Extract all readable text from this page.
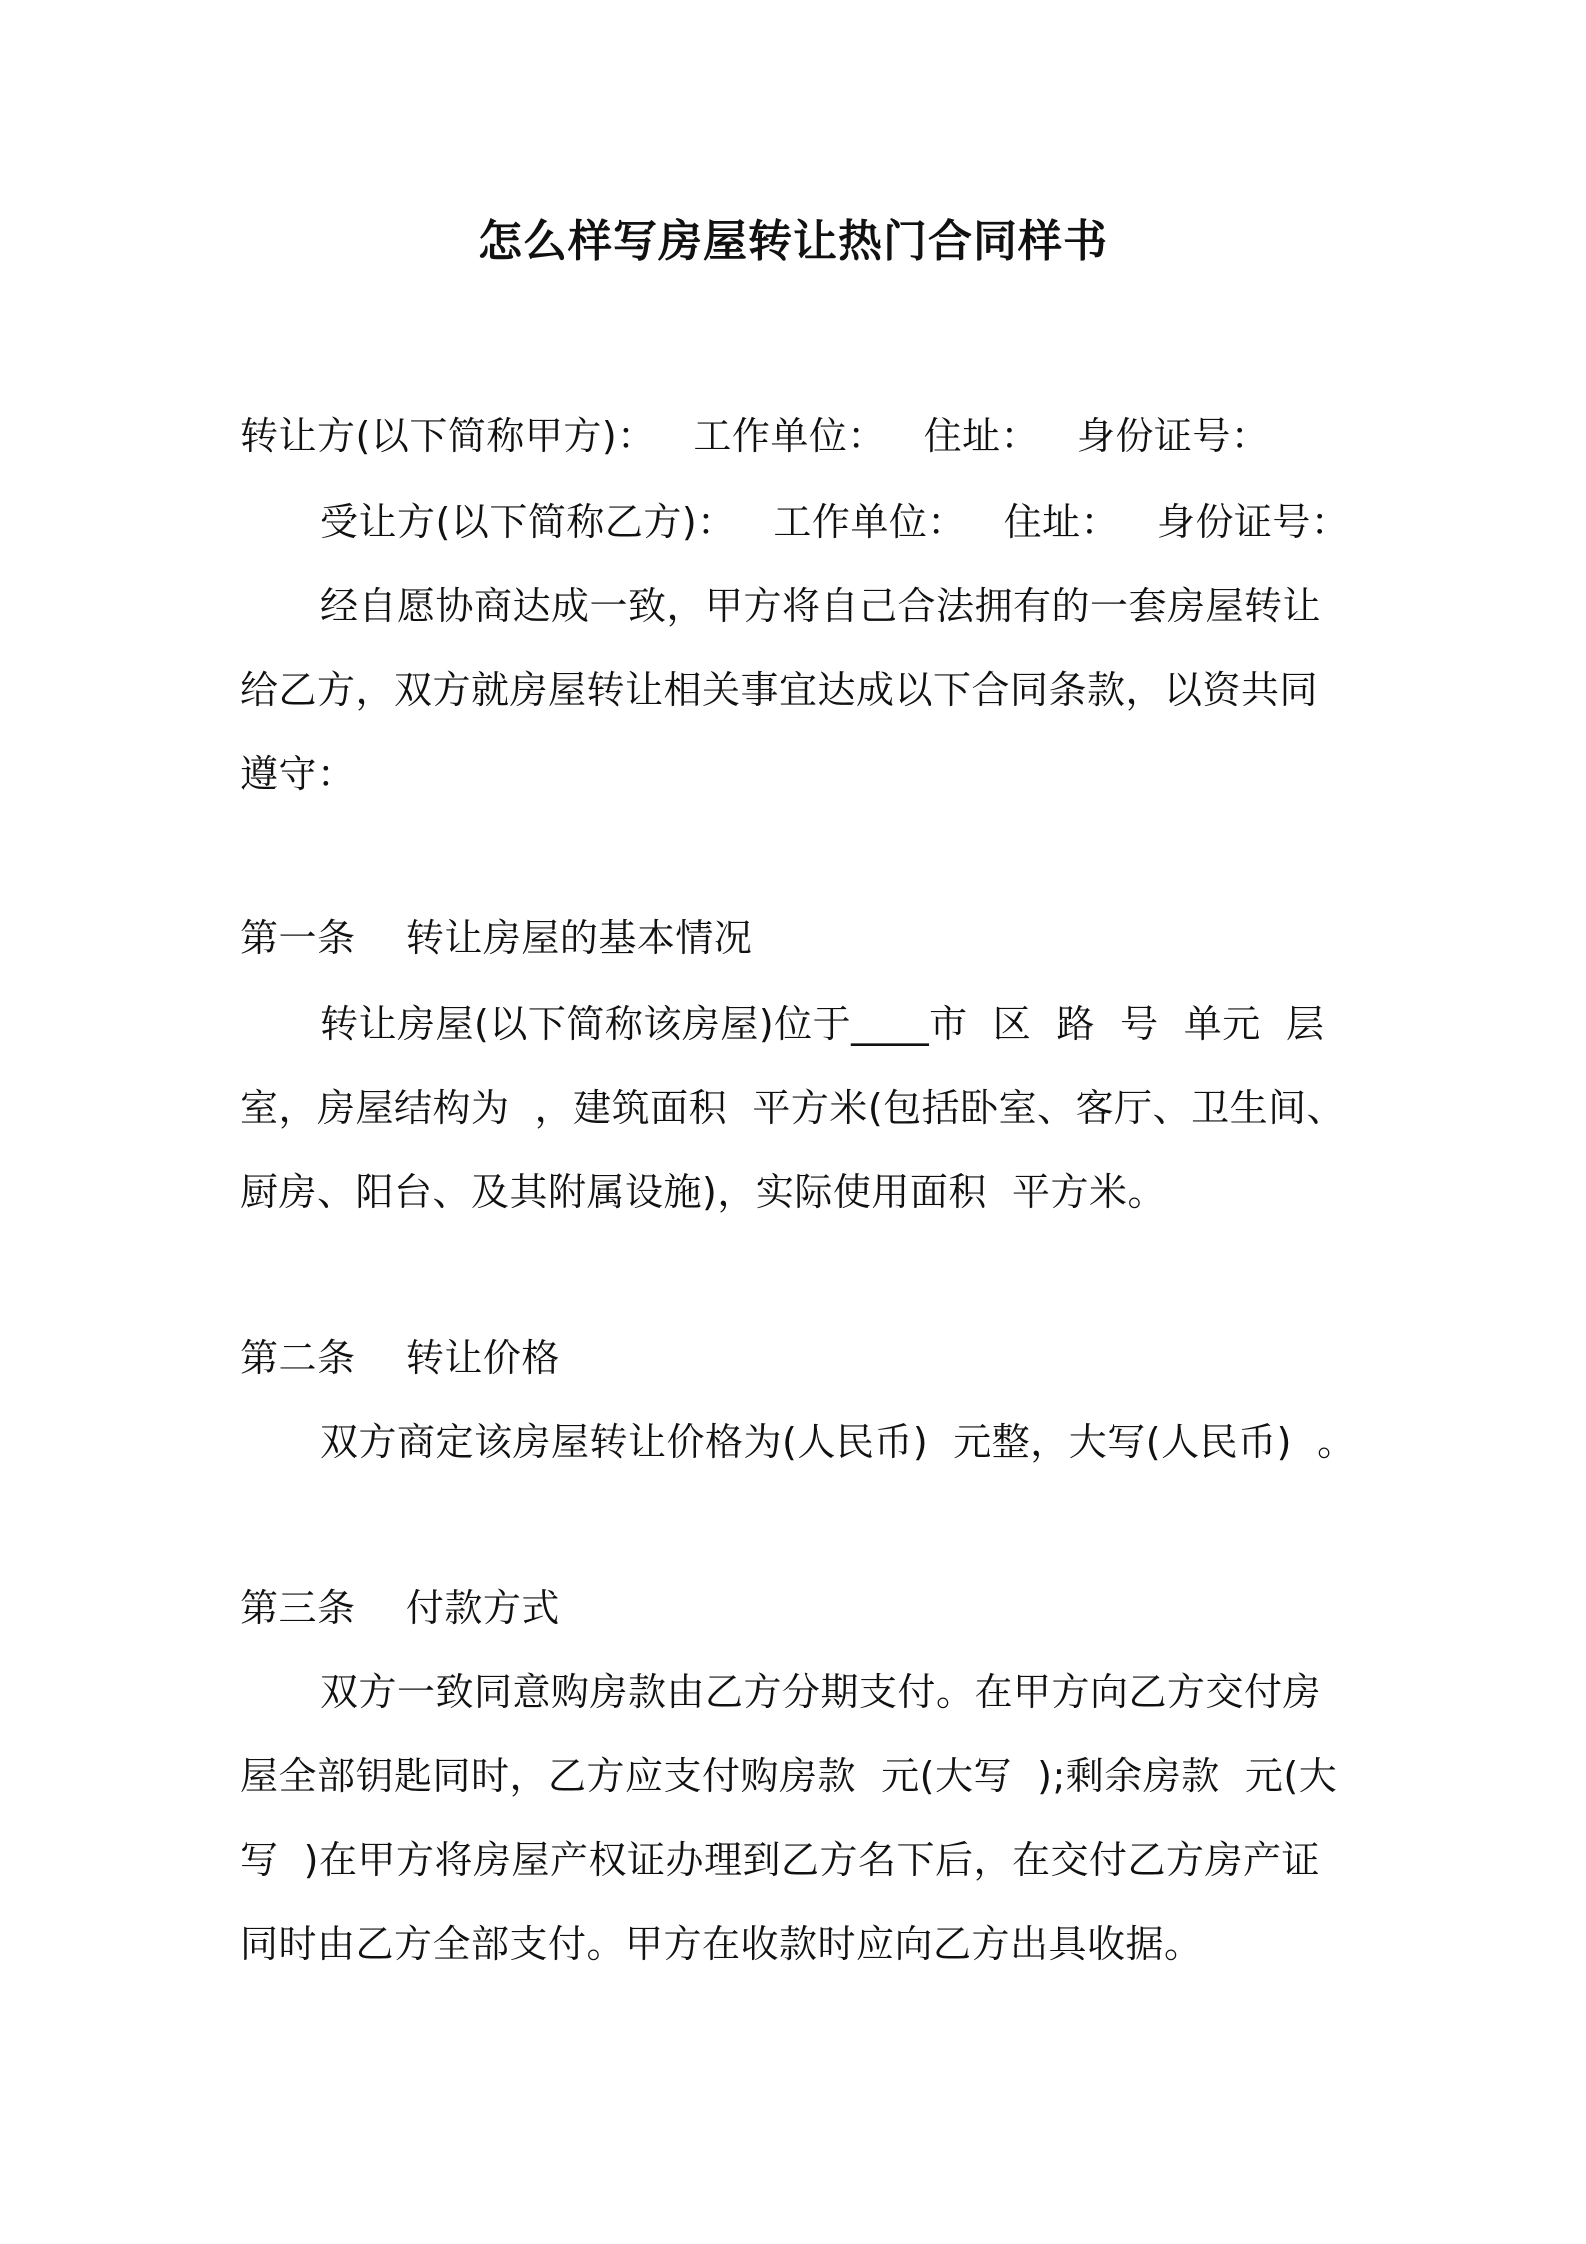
怎么样写房屋转让热门合同样书
转让方(以下简称甲方)：   工作单位：   住址：   身份证号：
受让方(以下简称乙方)：   工作单位：   住址：   身份证号：
经自愿协商达成一致，甲方将自己合法拥有的一套房屋转让
给乙方，双方就房屋转让相关事宜达成以下合同条款，以资共同
遵守：
第一条    转让房屋的基本情况
转让房屋(以下简称该房屋)位于____市  区  路  号  单元  层
室，房屋结构为  ，建筑面积  平方米(包括卧室、客厅、卫生间、
厨房、阳台、及其附属设施)，实际使用面积  平方米。
第二条    转让价格
双方商定该房屋转让价格为(人民币)  元整，大写(人民币)  。
第三条    付款方式
双方一致同意购房款由乙方分期支付。在甲方向乙方交付房
屋全部钥匙同时，乙方应支付购房款  元(大写  );剩余房款  元(大
写  )在甲方将房屋产权证办理到乙方名下后，在交付乙方房产证
同时由乙方全部支付。甲方在收款时应向乙方出具收据。
